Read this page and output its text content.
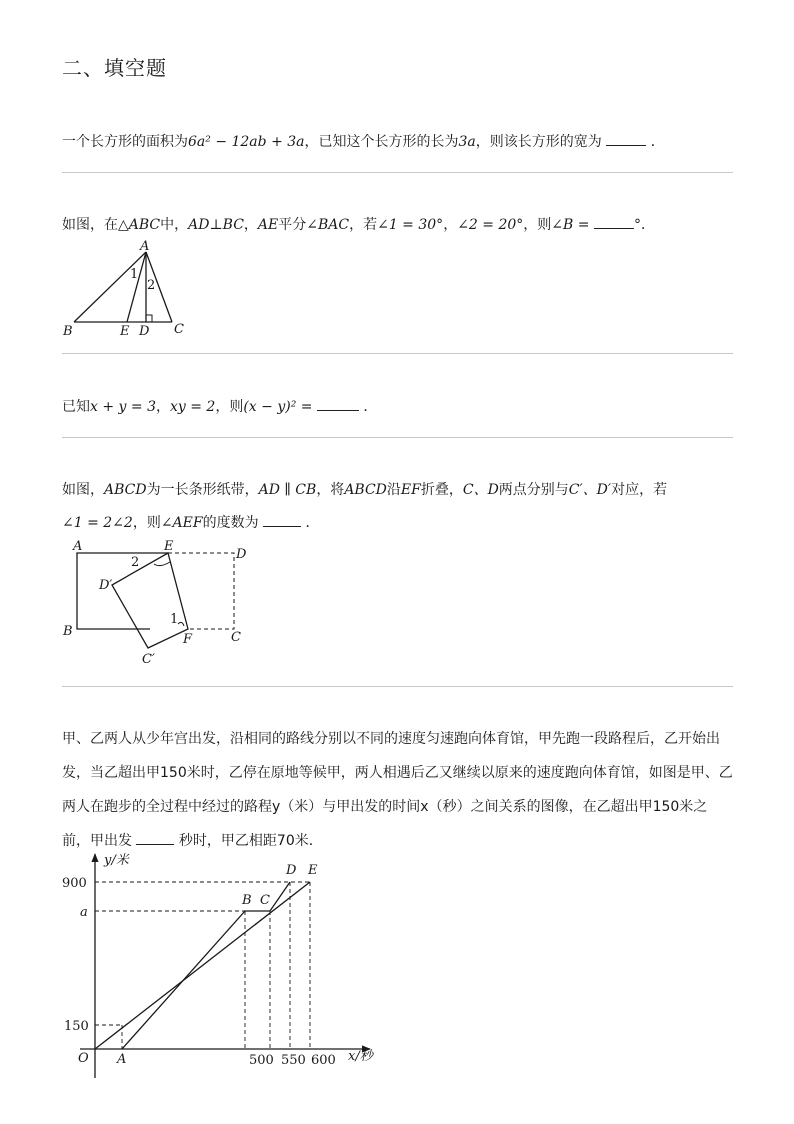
二、填空题
一个长方形的面积为6a² − 12ab + 3a，已知这个长方形的长为3a，则该长方形的宽为	．
如图，在△ABC中，AD⊥BC，AE平分∠BAC，若∠1 = 30°，∠2 = 20°，则∠B =	°．
A
B	C
E D
1
2
已知x + y = 3，xy = 2，则(x − y)² =	．
如图，ABCD为一长条形纸带，AD ∥ CB，将ABCD沿EF折叠，C、D两点分别与C′、D′对应，若
∠1 = 2∠2，则∠AEF的度数为	．
A	E
D
B	C
F
D′
C′
1
2
甲、乙两人从少年宫出发，沿相同的路线分别以不同的速度匀速跑向体育馆，甲先跑一段路程后，乙开始出
发，当乙超出甲150米时，乙停在原地等候甲，两人相遇后乙又继续以原来的速度跑向体育馆，如图是甲、乙
两人在跑步的全过程中经过的路程y（米）与甲出发的时间x（秒）之间关系的图像，在乙超出甲150米之
前，甲出发	秒时，甲乙相距70米．
y/米
x/秒
O
900
a
150
500 550 600
A
B C
D E
